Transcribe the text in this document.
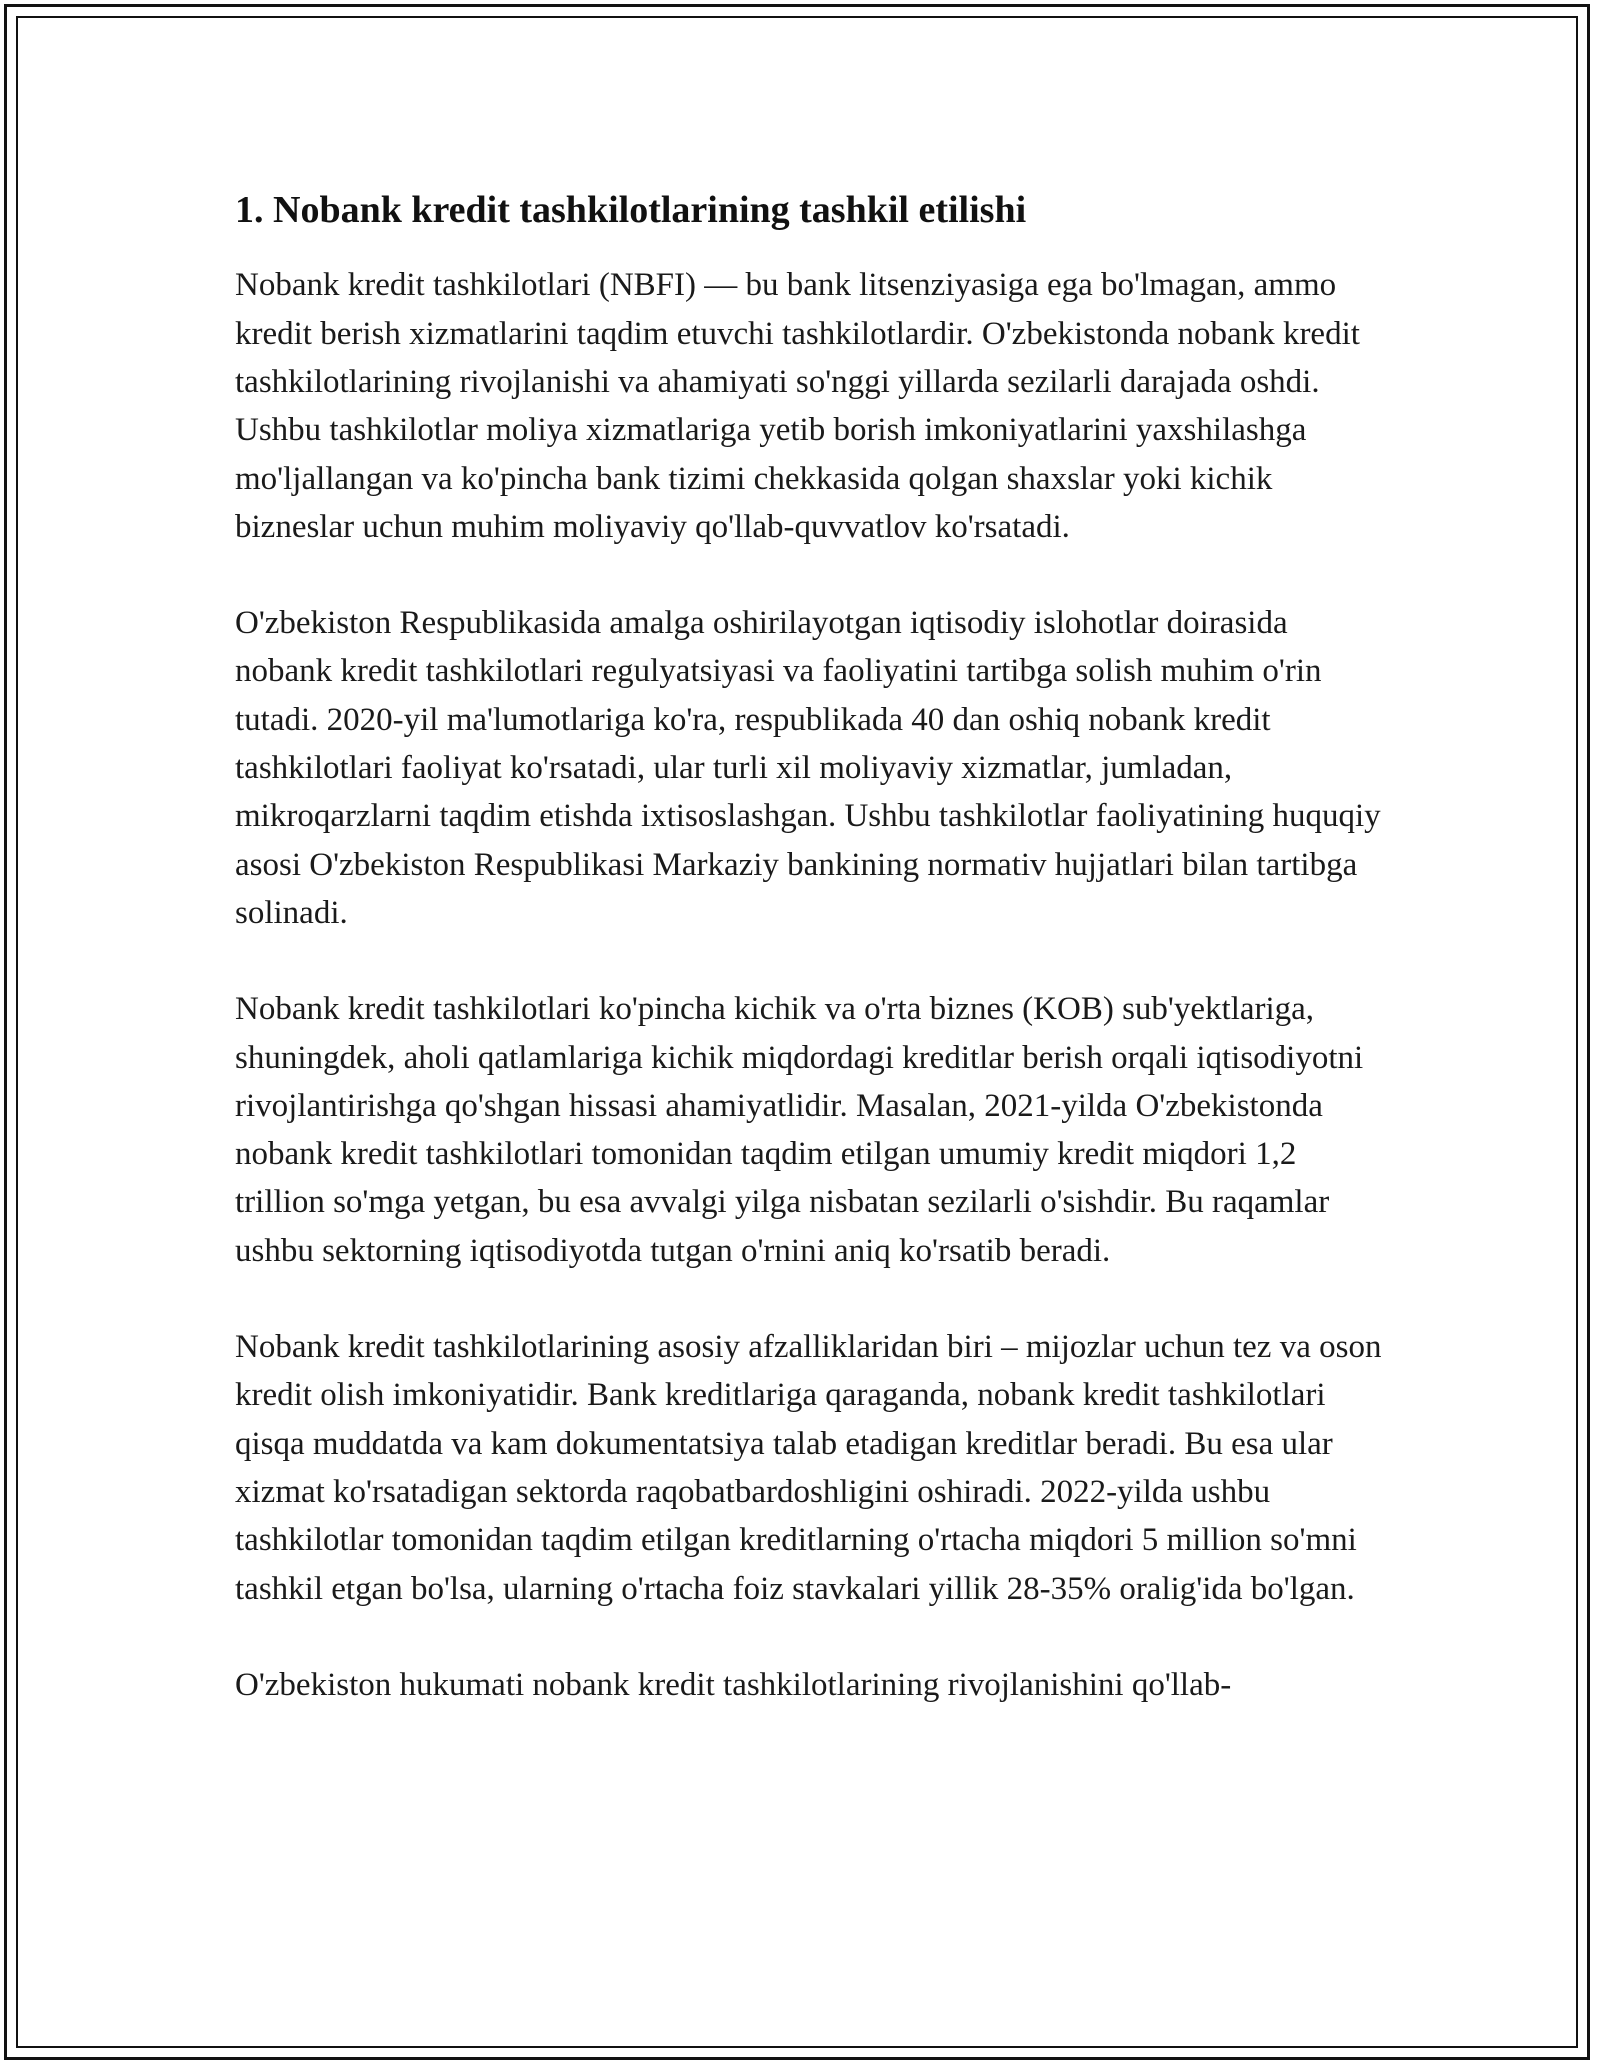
1. Nobank kredit tashkilotlarining tashkil etilishi

Nobank kredit tashkilotlari (NBFI) — bu bank litsenziyasiga ega bo'lmagan, ammo kredit berish xizmatlarini taqdim etuvchi tashkilotlardir. O'zbekistonda nobank kredit tashkilotlarining rivojlanishi va ahamiyati so'nggi yillarda sezilarli darajada oshdi. Ushbu tashkilotlar moliya xizmatlariga yetib borish imkoniyatlarini yaxshilashga mo'ljallangan va ko'pincha bank tizimi chekkasida qolgan shaxslar yoki kichik bizneslar uchun muhim moliyaviy qo'llab-quvvatlov ko'rsatadi.

O'zbekiston Respublikasida amalga oshirilayotgan iqtisodiy islohotlar doirasida nobank kredit tashkilotlari regulyatsiyasi va faoliyatini tartibga solish muhim o'rin tutadi. 2020-yil ma'lumotlariga ko'ra, respublikada 40 dan oshiq nobank kredit tashkilotlari faoliyat ko'rsatadi, ular turli xil moliyaviy xizmatlar, jumladan, mikroqarzlarni taqdim etishda ixtisoslashgan. Ushbu tashkilotlar faoliyatining huquqiy asosi O'zbekiston Respublikasi Markaziy bankining normativ hujjatlari bilan tartibga solinadi.

Nobank kredit tashkilotlari ko'pincha kichik va o'rta biznes (KOB) sub'yektlariga, shuningdek, aholi qatlamlariga kichik miqdordagi kreditlar berish orqali iqtisodiyotni rivojlantirishga qo'shgan hissasi ahamiyatlidir. Masalan, 2021-yilda O'zbekistonda nobank kredit tashkilotlari tomonidan taqdim etilgan umumiy kredit miqdori 1,2 trillion so'mga yetgan, bu esa avvalgi yilga nisbatan sezilarli o'sishdir. Bu raqamlar ushbu sektorning iqtisodiyotda tutgan o'rnini aniq ko'rsatib beradi.

Nobank kredit tashkilotlarining asosiy afzalliklaridan biri – mijozlar uchun tez va oson kredit olish imkoniyatidir. Bank kreditlariga qaraganda, nobank kredit tashkilotlari qisqa muddatda va kam dokumentatsiya talab etadigan kreditlar beradi. Bu esa ular xizmat ko'rsatadigan sektorda raqobatbardoshligini oshiradi. 2022-yilda ushbu tashkilotlar tomonidan taqdim etilgan kreditlarning o'rtacha miqdori 5 million so'mni tashkil etgan bo'lsa, ularning o'rtacha foiz stavkalari yillik 28-35% oralig'ida bo'lgan.

O'zbekiston hukumati nobank kredit tashkilotlarining rivojlanishini qo'llab-
